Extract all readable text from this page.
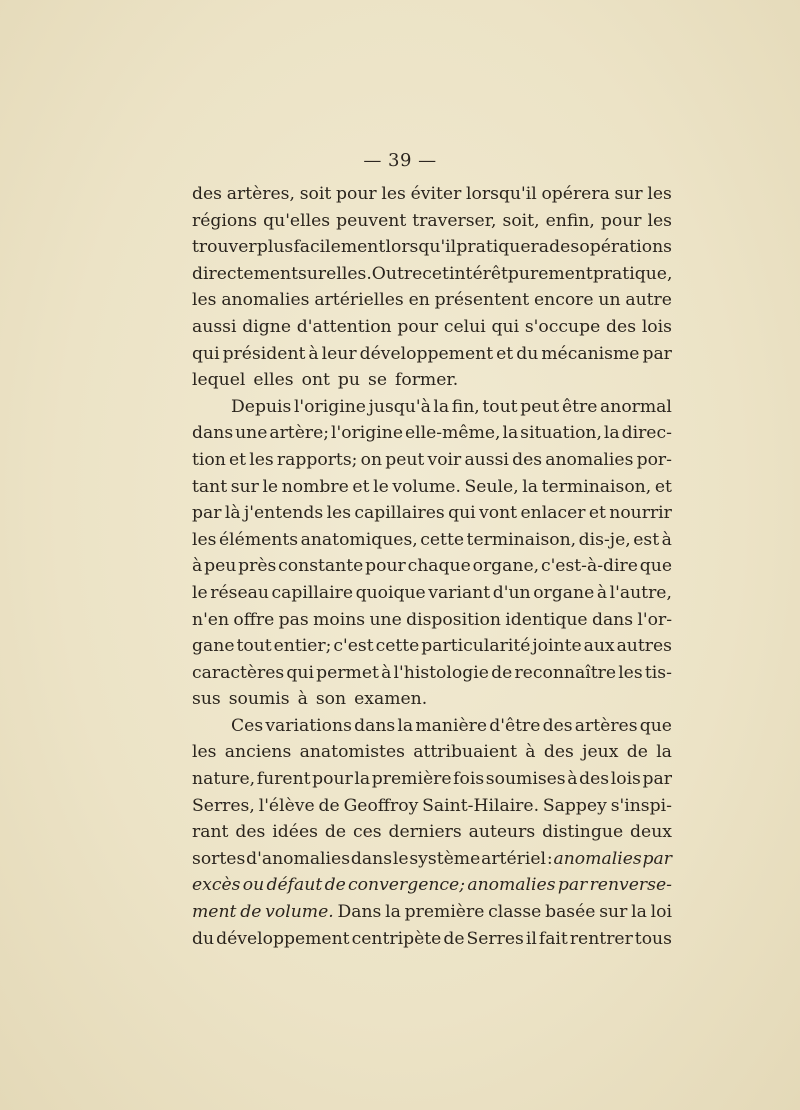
— 39 —
des artères, soit pour les éviter lorsqu'il opérera sur les
régions qu'elles peuvent traverser, soit, enfin, pour les
trouver plus facilement lorsqu'il pratiquera des opérations
directement sur elles. Outre cet intérêt purement pratique,
les anomalies artérielles en présentent encore un autre
aussi digne d'attention pour celui qui s'occupe des lois
qui président à leur développement et du mécanisme par
lequel elles ont pu se former.
Depuis l'origine jusqu'à la fin, tout peut être anormal
dans une artère; l'origine elle-même, la situation, la direc-
tion et les rapports; on peut voir aussi des anomalies por-
tant sur le nombre et le volume. Seule, la terminaison, et
par là j'entends les capillaires qui vont enlacer et nourrir
les éléments anatomiques, cette terminaison, dis-je, est à
à peu près constante pour chaque organe, c'est-à-dire que
le réseau capillaire quoique variant d'un organe à l'autre,
n'en offre pas moins une disposition identique dans l'or-
gane tout entier; c'est cette particularité jointe aux autres
caractères qui permet à l'histologie de reconnaître les tis-
sus soumis à son examen.
Ces variations dans la manière d'être des artères que
les anciens anatomistes attribuaient à des jeux de la
nature, furent pour la première fois soumises à des lois par
Serres, l'élève de Geoffroy Saint-Hilaire. Sappey s'inspi-
rant des idées de ces derniers auteurs distingue deux
sortes d'anomalies dans le système artériel : anomalies par
excès ou défaut de convergence; anomalies par renverse-
ment de volume. Dans la première classe basée sur la loi
du développement centripète de Serres il fait rentrer tous
